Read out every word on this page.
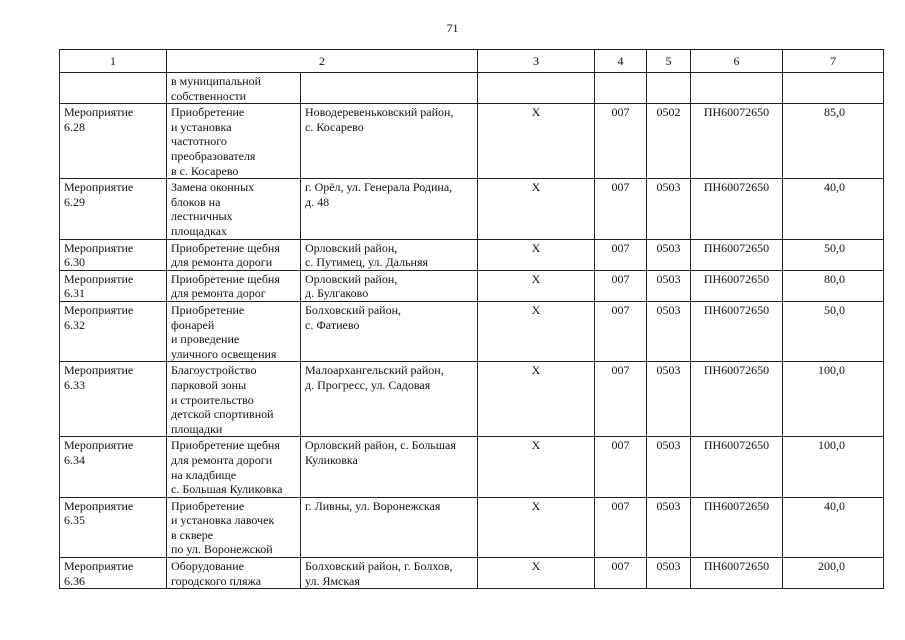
71
1	2		3	4	5	6	7

	в муниципальной
собственности						

Мероприятие
6.28	Приобретение
и установка
частотного
преобразователя
в с. Косарево	Новодеревеньковский район,
с. Косарево	Х	007	0502	ПН60072650	85,0

Мероприятие
6.29	Замена оконных
блоков на
лестничных
площадках	г. Орёл, ул. Генерала Родина,
д. 48	Х	007	0503	ПН60072650	40,0

Мероприятие
6.30	Приобретение щебня
для ремонта дороги	Орловский район,
с. Путимец, ул. Дальняя	Х	007	0503	ПН60072650	50,0

Мероприятие
6.31	Приобретение щебня
для ремонта дорог	Орловский район,
д. Булгаково	Х	007	0503	ПН60072650	80,0

Мероприятие
6.32	Приобретение
фонарей
и проведение
уличного освещения	Болховский район,
с. Фатиево	Х	007	0503	ПН60072650	50,0

Мероприятие
6.33	Благоустройство
парковой зоны
и строительство
детской спортивной
площадки	Малоархангельский район,
д. Прогресс, ул. Садовая	Х	007	0503	ПН60072650	100,0

Мероприятие
6.34	Приобретение щебня
для ремонта дороги
на кладбище
с. Большая Куликовка	Орловский район, с. Большая
Куликовка	Х	007	0503	ПН60072650	100,0

Мероприятие
6.35	Приобретение
и установка лавочек
в сквере
по ул. Воронежской	г. Ливны, ул. Воронежская	Х	007	0503	ПН60072650	40,0

Мероприятие
6.36	Оборудование
городского пляжа	Болховский район, г. Болхов,
ул. Ямская	Х	007	0503	ПН60072650	200,0
